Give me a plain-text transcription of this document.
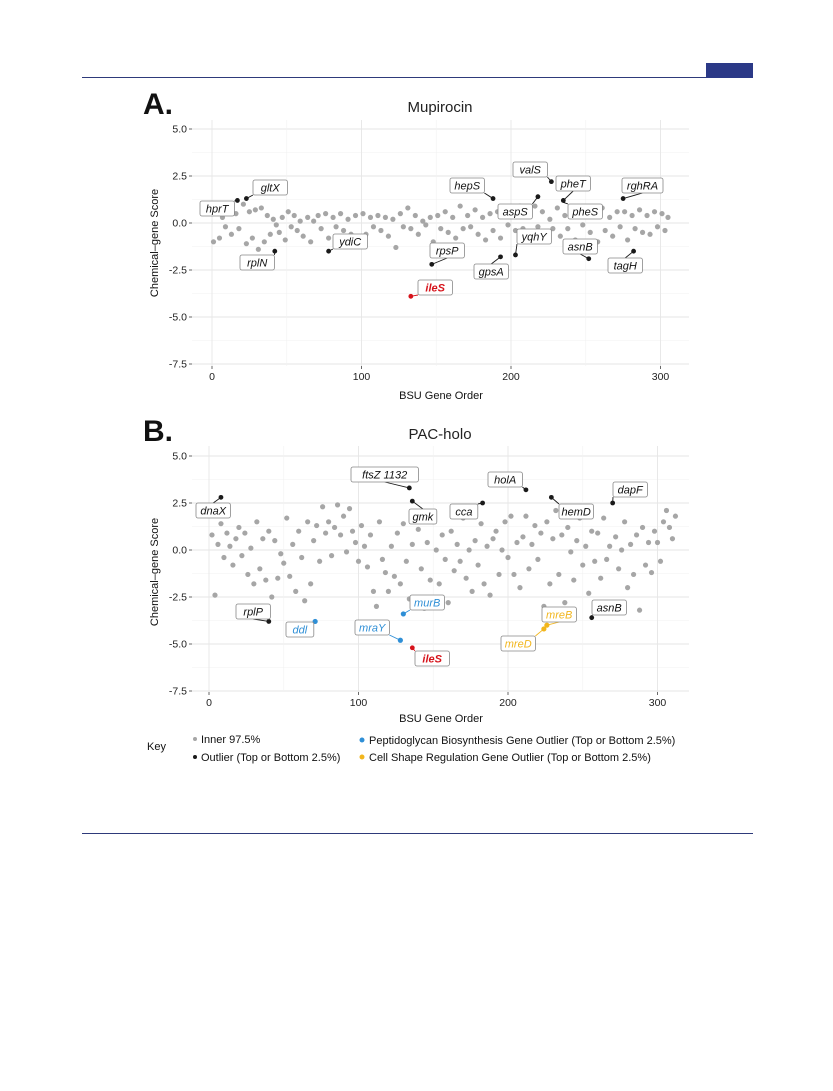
A.	Mupirocin
0	100	200	300
5.0
2.5
0.0
-2.5
-5.0
-7.5
BSU Gene Order
Chemical–gene Score	hprT
gltX
rplN
ydiC
rpsP
ileS
hepS
gpsA
aspS
yqhY
valS
pheT
pheS
asnB
rghRA
tagH
B.	PAC-holo
0	100	200	300
5.0
2.5
0.0
-2.5
-5.0
-7.5
BSU Gene Order
Chemical–gene Score
dnaX
rplP
ddl
ftsZ 1132
gmk
murB
mraY
ileS
cca
holA
hemD
dapF
mreB
mreD
asnB
Key
Inner 97.5%
Outlier (Top or Bottom 2.5%)
Peptidoglycan Biosynthesis Gene Outlier (Top or Bottom 2.5%)
Cell Shape Regulation Gene Outlier (Top or Bottom 2.5%)
